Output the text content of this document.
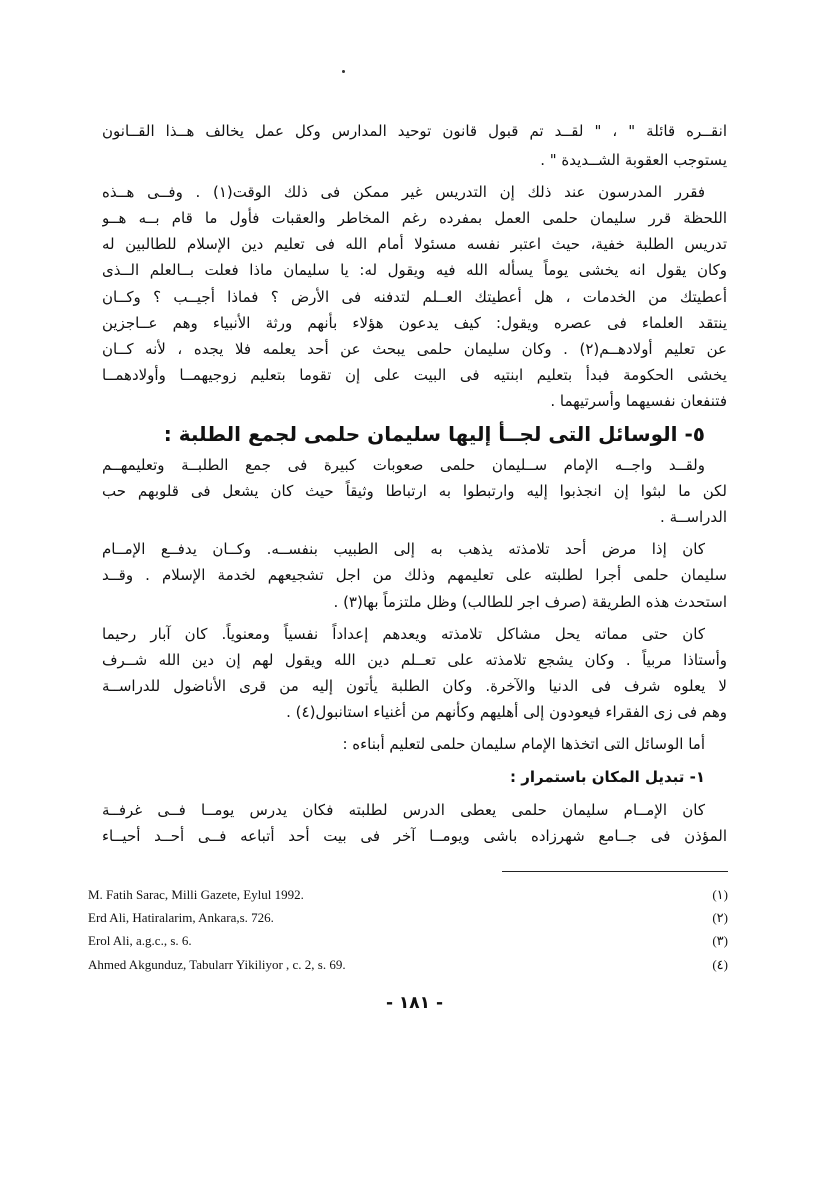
انقــره قائلة " ، " لقــد تم قبول قانون توحيد المدارس وكل عمل يخالف هــذا القــانون
يستوجب العقوبة الشــديدة " .
فقرر المدرسون عند ذلك إن التدريس غير ممكن فى ذلك الوقت(١) . وفــى هــذه
اللحظة قرر سليمان حلمى العمل بمفرده رغم المخاطر والعقبات فأول ما قام بــه هــو
تدريس الطلبة خفية، حيث اعتبر نفسه مسئولا أمام الله فى تعليم دين الإسلام للطالبين له
وكان يقول انه يخشى يوماً يسأله الله فيه ويقول له: يا سليمان ماذا فعلت بــالعلم الــذى
أعطيتك من الخدمات ، هل أعطيتك العــلم لتدفنه فى الأرض ؟ فماذا أجيــب ؟ وكــان
ينتقد العلماء فى عصره ويقول: كيف يدعون هؤلاء بأنهم ورثة الأنبياء وهم عــاجزين
عن تعليم أولادهــم(٢) . وكان سليمان حلمى يبحث عن أحد يعلمه فلا يجده ، لأنه كــان
يخشى الحكومة فبدأ بتعليم ابنتيه فى البيت على إن تقوما بتعليم زوجيهمــا وأولادهمــا
فتنفعان نفسيهما وأسرتيهما .
٥- الوسائل التى لجــأ إليها سليمان حلمى لجمع الطلبة :
ولقــد واجــه الإمام ســليمان حلمى صعوبات كبيرة فى جمع الطلبــة وتعليمهــم
لكن ما لبثوا إن انجذبوا إليه وارتبطوا به ارتباطا وثيقاً حيث كان يشعل فى قلوبهم حب
الدراســة .
كان إذا مرض أحد تلامذته يذهب به إلى الطبيب بنفســه. وكــان يدفــع الإمــام
سليمان حلمى أجرا لطلبته على تعليمهم وذلك من اجل تشجيعهم لخدمة الإسلام . وقــد
استحدث هذه الطريقة (صرف اجر للطالب) وظل ملتزماً بها(٣) .
كان حتى مماته يحل مشاكل تلامذته ويعدهم إعداداً نفسياً ومعنوياً. كان آبار رحيما
وأستاذا مربياً . وكان يشجع تلامذته على تعــلم دين الله ويقول لهم إن دين الله شــرف
لا يعلوه شرف فى الدنيا والآخرة. وكان الطلبة يأتون إليه من قرى الأناضول للدراســة
وهم فى زى الفقراء فيعودون إلى أهليهم وكأنهم من أغنياء استانبول(٤) .
أما الوسائل التى اتخذها الإمام سليمان حلمى لتعليم أبناءه :
١- تبديل المكان باستمرار :
كان الإمــام سليمان حلمى يعطى الدرس لطلبته فكان يدرس يومــا فــى غرفــة
المؤذن فى جــامع شهرزاده باشى ويومــا آخر فى بيت أحد أتباعه فــى أحــد أحيــاء
M. Fatih Sarac, Milli Gazete, Eylul 1992.	(١)
Erd Ali, Hatiralarim, Ankara,s. 726.	(٢)
Erol Ali, a.g.c., s. 6.	(٣)
Ahmed Akgunduz, Tabularr Yikiliyor , c. 2, s. 69.	(٤)
- ١٨١ -
